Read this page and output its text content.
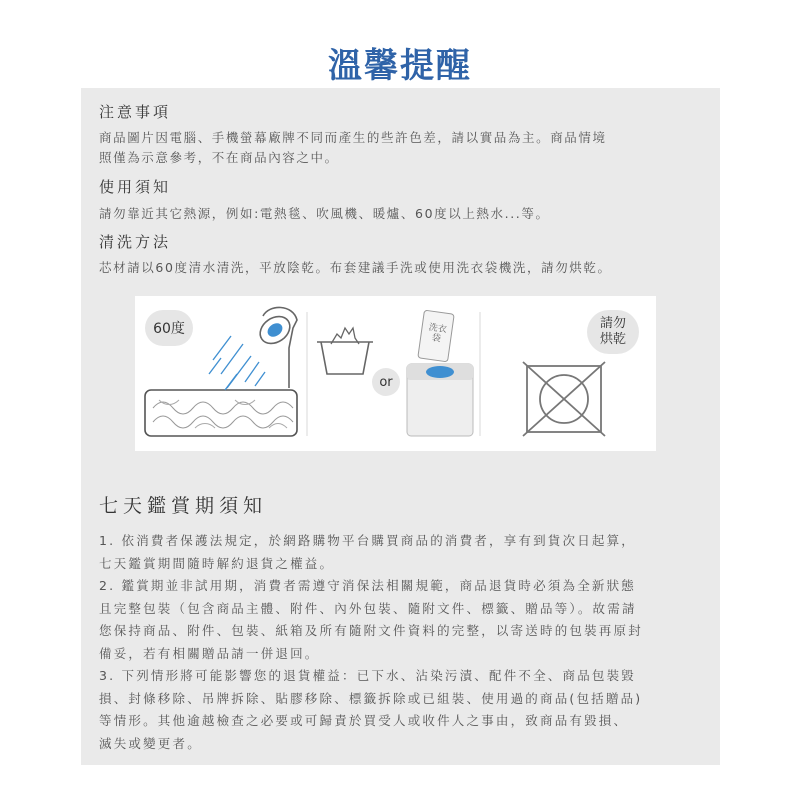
溫馨提醒
注意事項

商品圖片因電腦、手機螢幕廠牌不同而產生的些許色差，請以實品為主。商品情境
照僅為示意參考，不在商品內容之中。

使用須知

請勿靠近其它熱源，例如:電熱毯、吹風機、暖爐、60度以上熱水...等。

清洗方法

芯材請以60度清水清洗，平放陰乾。布套建議手洗或使用洗衣袋機洗，請勿烘乾。

60度
or
洗衣袋
請勿
烘乾
七天鑑賞期須知

1. 依消費者保護法規定，於網路購物平台購買商品的消費者，享有到貨次日起算，
七天鑑賞期間隨時解約退貨之權益。
2. 鑑賞期並非試用期，消費者需遵守消保法相關規範，商品退貨時必須為全新狀態
且完整包裝（包含商品主體、附件、內外包裝、隨附文件、標籤、贈品等）。故需請
您保持商品、附件、包裝、紙箱及所有隨附文件資料的完整，以寄送時的包裝再原封
備妥，若有相關贈品請一併退回。
3. 下列情形將可能影響您的退貨權益：已下水、沾染污漬、配件不全、商品包裝毀
損、封條移除、吊牌拆除、貼膠移除、標籤拆除或已組裝、使用過的商品(包括贈品)
等情形。其他逾越檢查之必要或可歸責於買受人或收件人之事由，致商品有毀損、
滅失或變更者。
